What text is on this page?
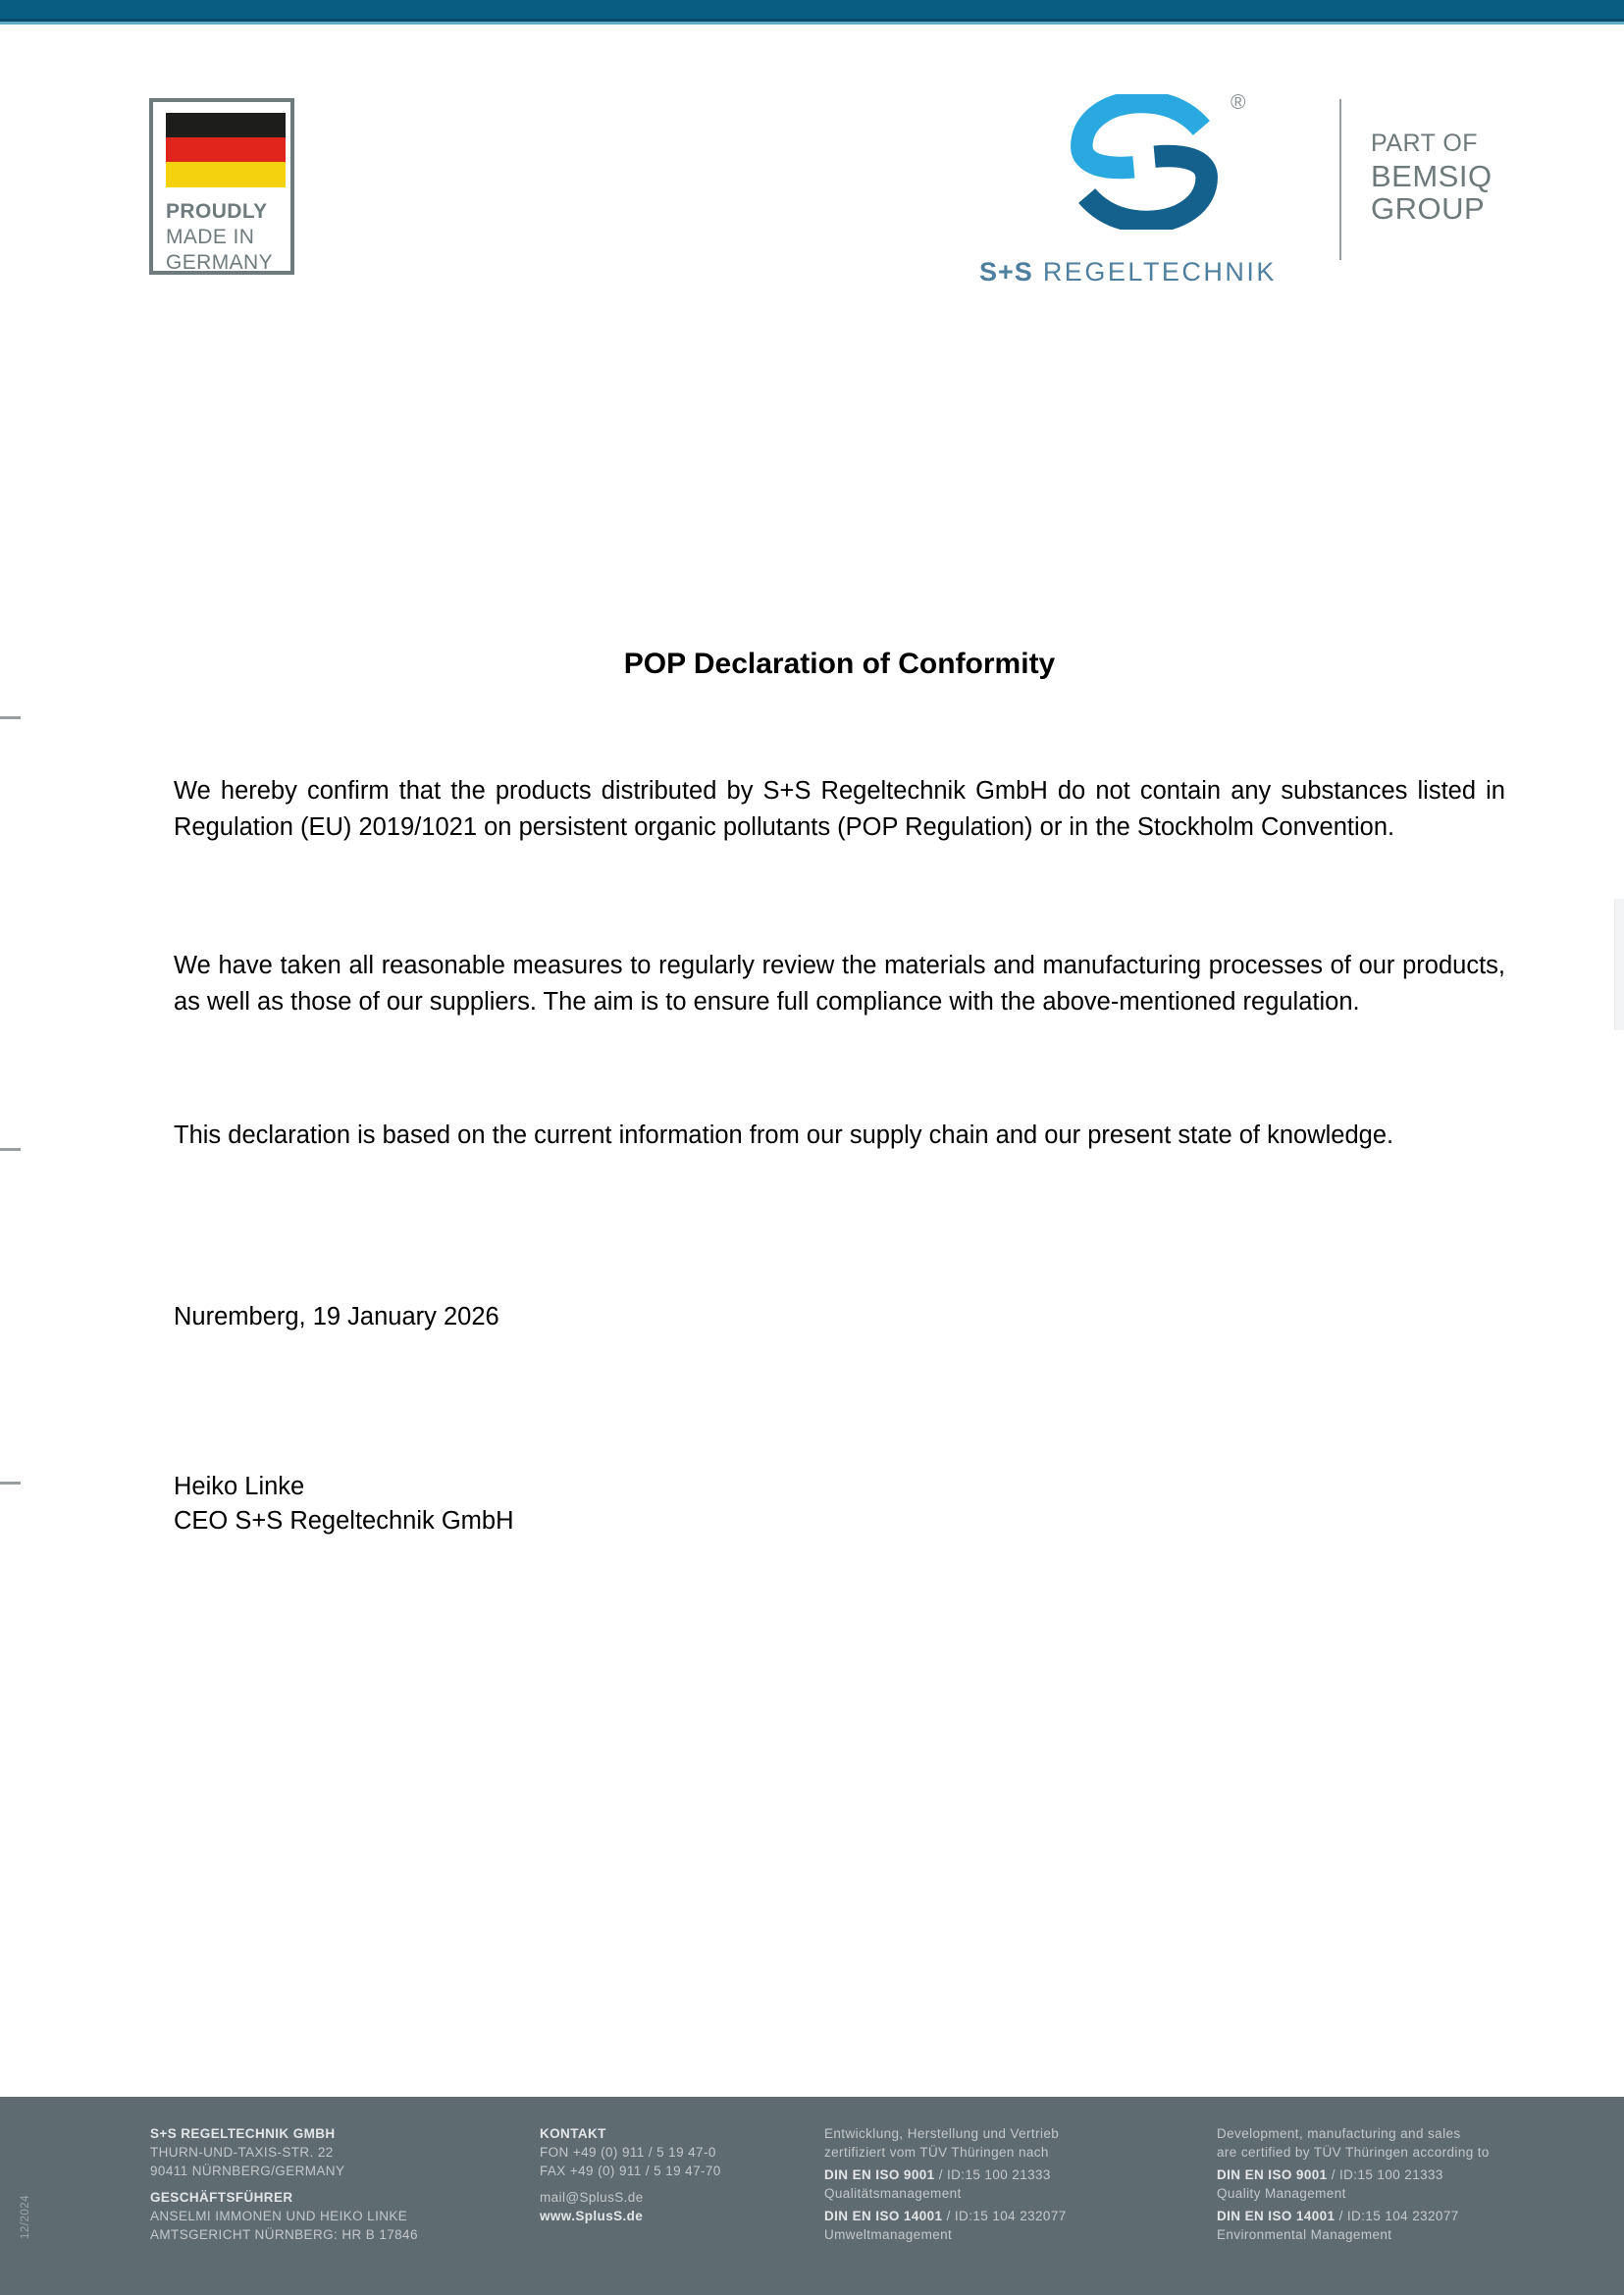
PROUDLY
MADE IN
GERMANY
®
S+S REGELTECHNIK
PART OF
BEMSIQ
GROUP
POP Declaration of Conformity

We hereby confirm that the products distributed by S+S Regeltechnik GmbH do not contain any substances listed in Regulation (EU) 2019/1021 on persistent organic pollutants (POP Regulation) or in the Stockholm Convention.

We have taken all reasonable measures to regularly review the materials and manufacturing processes of our products, as well as those of our suppliers. The aim is to ensure full compliance with the above-mentioned regulation.

This declaration is based on the current information from our supply chain and our present state of knowledge.

Nuremberg, 19 January 2026
Heiko Linke
CEO S+S Regeltechnik GmbH
S+S REGELTECHNIK GMBH
THURN-UND-TAXIS-STR. 22
90411 NÜRNBERG/GERMANY
GESCHÄFTSFÜHRER
ANSELMI IMMONEN UND HEIKO LINKE
AMTSGERICHT NÜRNBERG: HR B 17846
KONTAKT
FON +49 (0) 911 / 5 19 47-0
FAX +49 (0) 911 / 5 19 47-70
mail@SplusS.de
www.SplusS.de
Entwicklung, Herstellung und Vertrieb
zertifiziert vom TÜV Thüringen nach
DIN EN ISO 9001 / ID:15 100 21333
Qualitätsmanagement
DIN EN ISO 14001 / ID:15 104 232077
Umweltmanagement
Development, manufacturing and sales
are certified by TÜV Thüringen according to
DIN EN ISO 9001 / ID:15 100 21333
Quality Management
DIN EN ISO 14001 / ID:15 104 232077
Environmental Management
